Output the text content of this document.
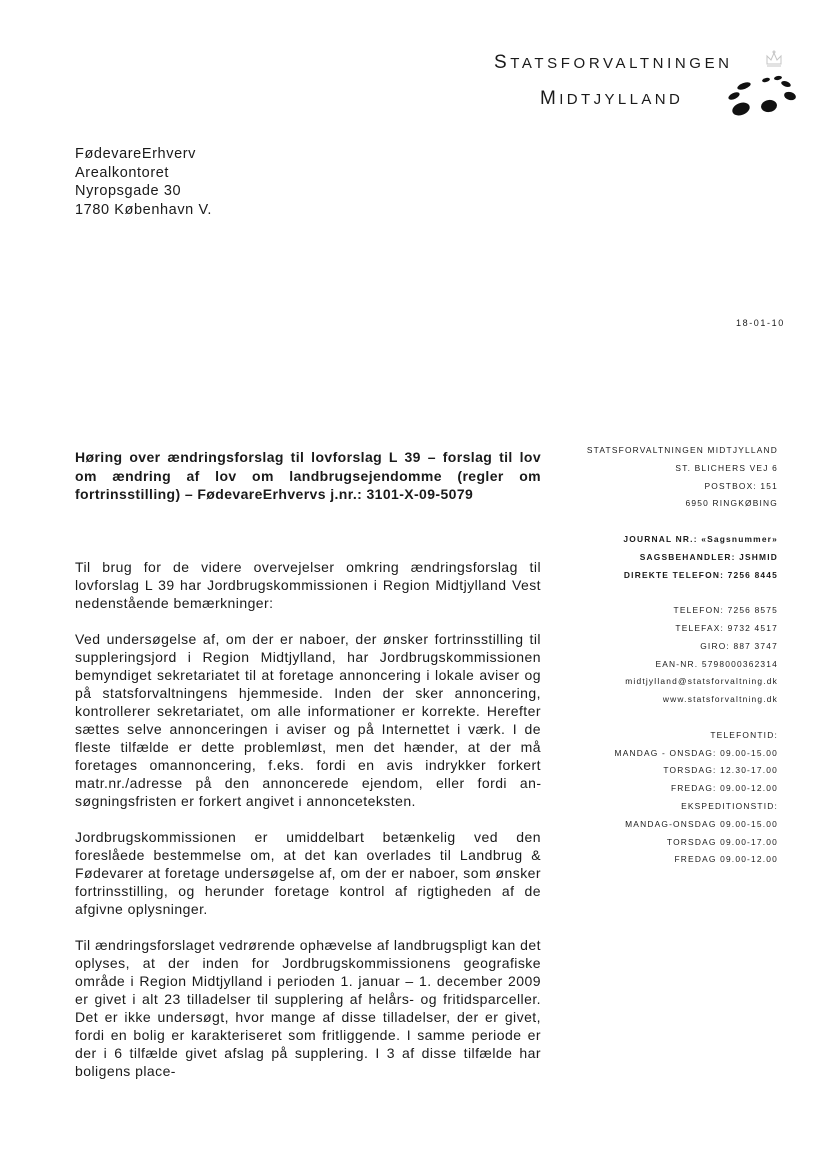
STATSFORVALTNINGEN
MIDTJYLLAND
FødevareErhverv
Arealkontoret
Nyropsgade 30
1780 København V.
18-01-10
Høring over ændringsforslag til lovforslag L 39 – forslag til lov om ændring af lov om landbrugsejendomme (regler om fortrinsstilling) – FødevareErhvervs j.nr.: 3101-X-09-5079

Til brug for de videre overvejelser omkring ændringsforslag til lovforslag L 39 har Jordbrugskommissionen i Region Midtjylland Vest nedenstående bemærkninger:

Ved undersøgelse af, om der er naboer, der ønsker fortrinsstilling til suppleringsjord i Region Midtjylland, har Jordbrugskommissionen bemyndiget sekretariatet til at foretage annoncering i lokale aviser og på statsforvaltningens hjemmeside. Inden der sker annoncering, kontrollerer sekretariatet, om alle informationer er korrekte. Herefter sættes selve annonceringen i aviser og på Internettet i værk. I de fleste tilfælde er dette problemløst, men det hænder, at der må foretages omannoncering, f.eks. fordi en avis indrykker forkert matr.nr./adresse på den annoncerede ejendom, eller fordi ansøgningsfristen er forkert angivet i annonceteksten.

Jordbrugskommissionen er umiddelbart betænkelig ved den foreslåede bestemmelse om, at det kan overlades til Landbrug & Fødevarer at foretage undersøgelse af, om der er naboer, som ønsker fortrinsstilling, og herunder foretage kontrol af rigtigheden af de afgivne oplysninger.

Til ændringsforslaget vedrørende ophævelse af landbrugspligt kan det oplyses, at der inden for Jordbrugskommissionens geografiske område i Region Midtjylland i perioden 1. januar – 1. december 2009 er givet i alt 23 tilladelser til supplering af helårs- og fritidsparceller. Det er ikke undersøgt, hvor mange af disse tilladelser, der er givet, fordi en bolig er karakteriseret som fritliggende. I samme periode er der i 6 tilfælde givet afslag på supplering. I 3 af disse tilfælde har boligens place-

STATSFORVALTNINGEN MIDTJYLLAND
ST. BLICHERS VEJ 6
POSTBOX: 151
6950 RINGKØBING
JOURNAL NR.: «Sagsnummer»
SAGSBEHANDLER: JSHMID
DIREKTE TELEFON: 7256 8445
TELEFON: 7256 8575
TELEFAX: 9732 4517
GIRO: 887 3747
EAN-NR. 5798000362314
midtjylland@statsforvaltning.dk
www.statsforvaltning.dk
TELEFONTID:
MANDAG - ONSDAG: 09.00-15.00
TORSDAG: 12.30-17.00
FREDAG: 09.00-12.00
EKSPEDITIONSTID:
MANDAG-ONSDAG 09.00-15.00
TORSDAG 09.00-17.00
FREDAG 09.00-12.00
